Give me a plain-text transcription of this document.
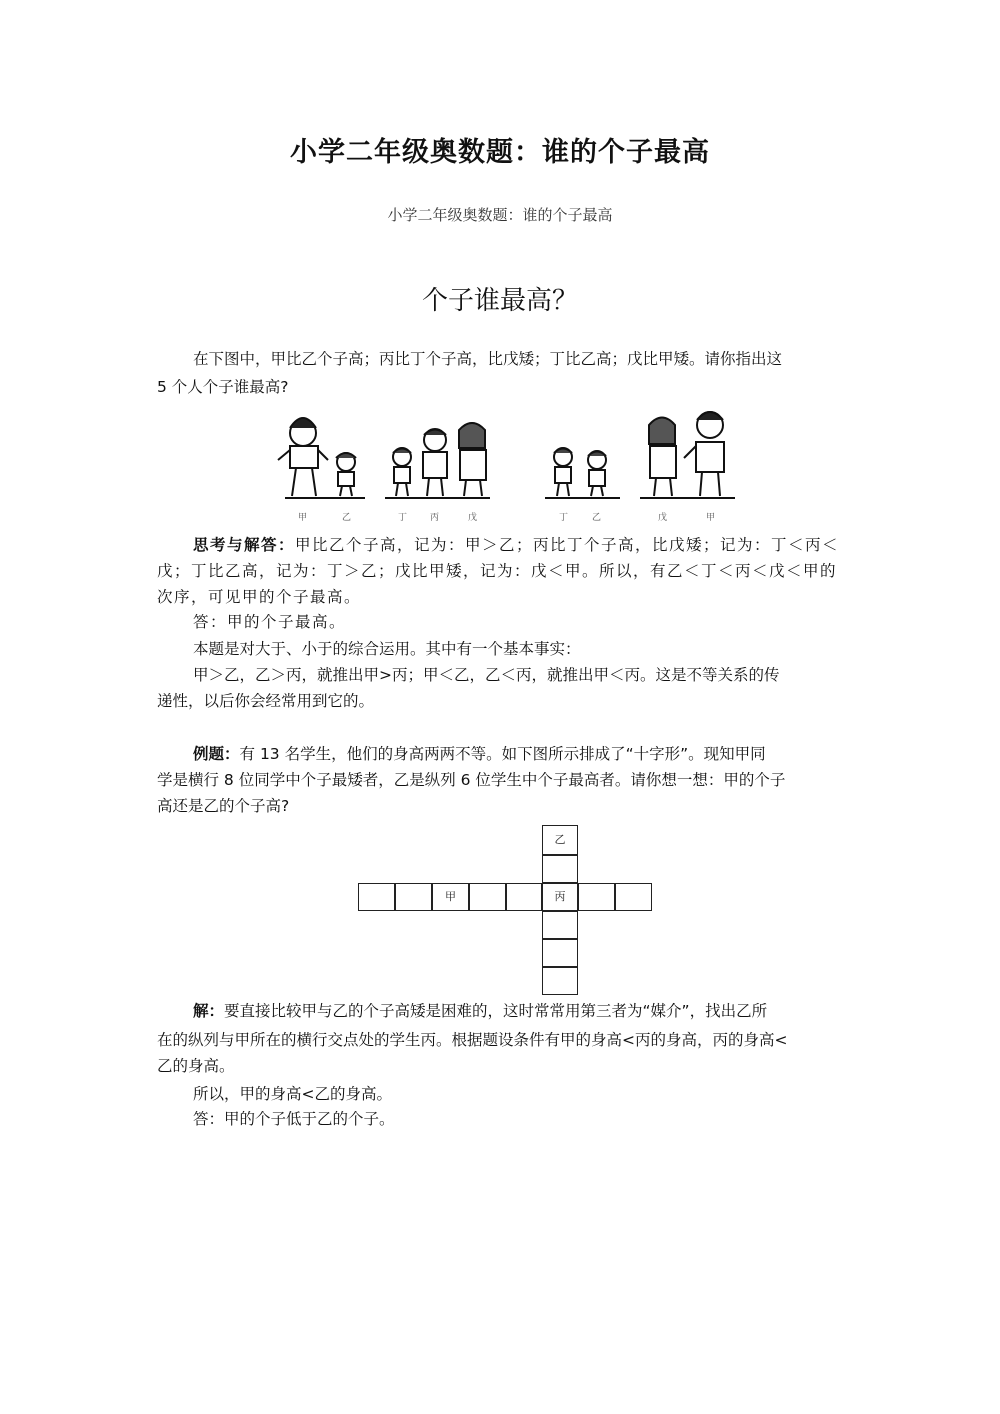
小学二年级奥数题：谁的个子最高
小学二年级奥数题：谁的个子最高
个子谁最高？
在下图中，甲比乙个子高；丙比丁个子高，比戊矮；丁比乙高；戊比甲矮。请你指出这
5 个人个子谁最高?
甲	乙	丁	丙	戊	丁	乙	戊	甲
思考与解答：甲比乙个子高，记为：甲＞乙；丙比丁个子高，比戊矮；记为：丁＜丙＜
戊；丁比乙高，记为：丁＞乙；戊比甲矮，记为：戊＜甲。所以，有乙＜丁＜丙＜戊＜甲的
次序，可见甲的个子最高。
答：甲的个子最高。
本题是对大于、小于的综合运用。其中有一个基本事实：
甲＞乙，乙＞丙，就推出甲>丙；甲＜乙，乙＜丙，就推出甲＜丙。这是不等关系的传
递性，以后你会经常用到它的。
例题：有 13 名学生，他们的身高两两不等。如下图所示排成了“十字形”。现知甲同
学是横行 8 位同学中个子最矮者，乙是纵列 6 位学生中个子最高者。请你想一想：甲的个子
高还是乙的个子高?
乙
甲	丙
解：要直接比较甲与乙的个子高矮是困难的，这时常常用第三者为“媒介”，找出乙所
在的纵列与甲所在的横行交点处的学生丙。根据题设条件有甲的身高<丙的身高，丙的身高<
乙的身高。
所以，甲的身高<乙的身高。
答：甲的个子低于乙的个子。
